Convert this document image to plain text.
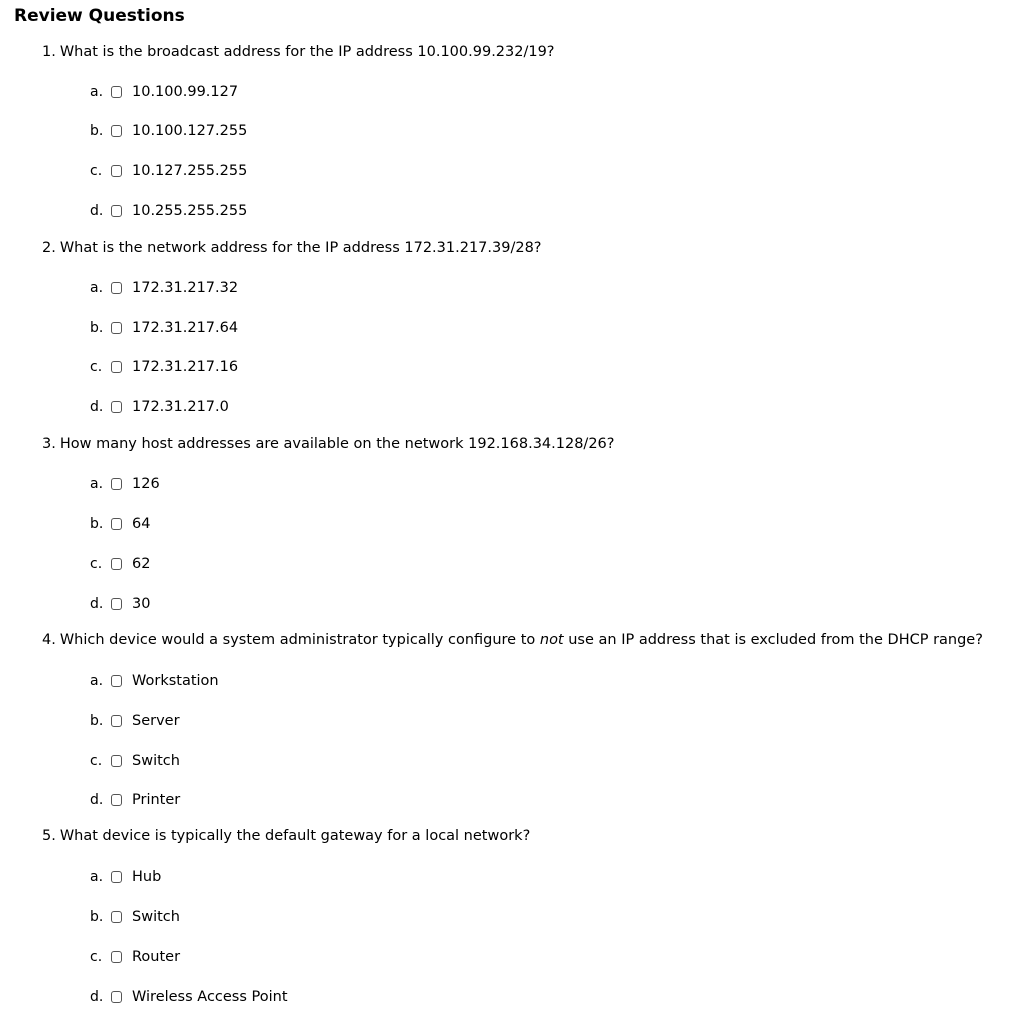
Review Questions
1. What is the broadcast address for the IP address 10.100.99.232/19?
a. 10.100.99.127
b. 10.100.127.255
c. 10.127.255.255
d. 10.255.255.255
2. What is the network address for the IP address 172.31.217.39/28?
a. 172.31.217.32
b. 172.31.217.64
c. 172.31.217.16
d. 172.31.217.0
3. How many host addresses are available on the network 192.168.34.128/26?
a. 126
b. 64
c. 62
d. 30
4. Which device would a system administrator typically configure to not use an IP address that is excluded from the DHCP range?
a. Workstation
b. Server
c. Switch
d. Printer
5. What device is typically the default gateway for a local network?
a. Hub
b. Switch
c. Router
d. Wireless Access Point
